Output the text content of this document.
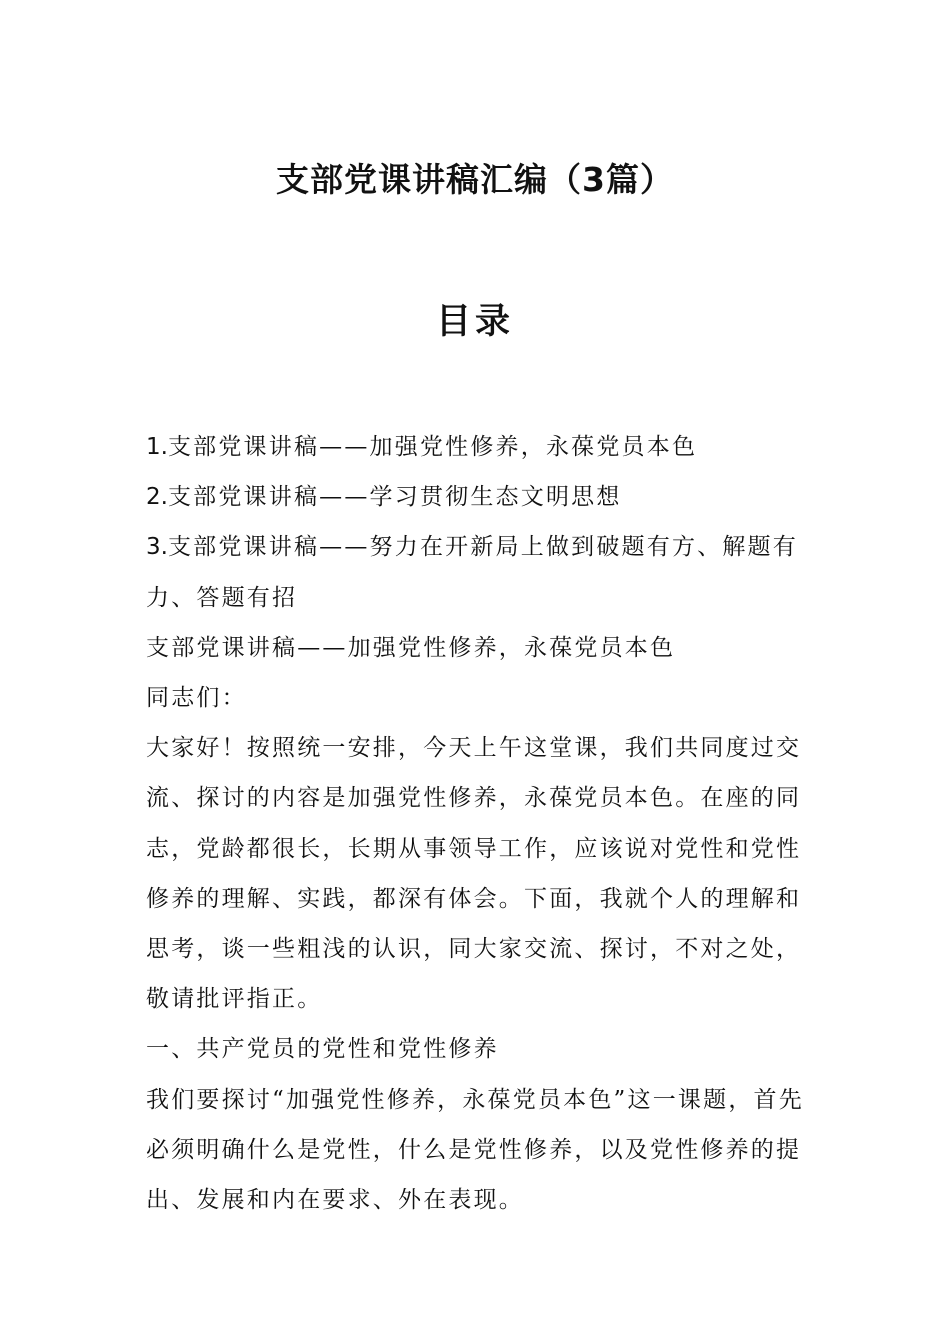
支部党课讲稿汇编（3篇）
目录

1.支部党课讲稿——加强党性修养，永葆党员本色

2.支部党课讲稿——学习贯彻生态文明思想

3.支部党课讲稿——努力在开新局上做到破题有方、解题有力、答题有招

支部党课讲稿——加强党性修养，永葆党员本色

同志们：

大家好！按照统一安排，今天上午这堂课，我们共同度过交流、探讨的内容是加强党性修养，永葆党员本色。在座的同志，党龄都很长，长期从事领导工作，应该说对党性和党性修养的理解、实践，都深有体会。下面，我就个人的理解和思考，谈一些粗浅的认识，同大家交流、探讨，不对之处，敬请批评指正。

一、共产党员的党性和党性修养

我们要探讨“加强党性修养，永葆党员本色”这一课题，首先必须明确什么是党性，什么是党性修养，以及党性修养的提出、发展和内在要求、外在表现。
